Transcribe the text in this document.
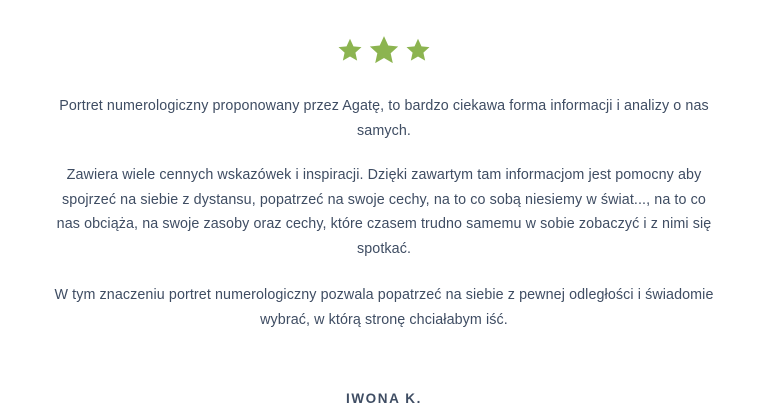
Portret numerologiczny proponowany przez Agatę, to bardzo ciekawa forma informacji i analizy o nas samych.

Zawiera wiele cennych wskazówek i inspiracji. Dzięki zawartym tam informacjom jest pomocny aby spojrzeć na siebie z dystansu, popatrzeć na swoje cechy, na to co sobą niesiemy w świat..., na to co nas obciąża, na swoje zasoby oraz cechy, które czasem trudno samemu w sobie zobaczyć i z nimi się spotkać.

W tym znaczeniu portret numerologiczny pozwala popatrzeć na siebie z pewnej odległości i świadomie wybrać, w którą stronę chciałabym iść.

IWONA K.
